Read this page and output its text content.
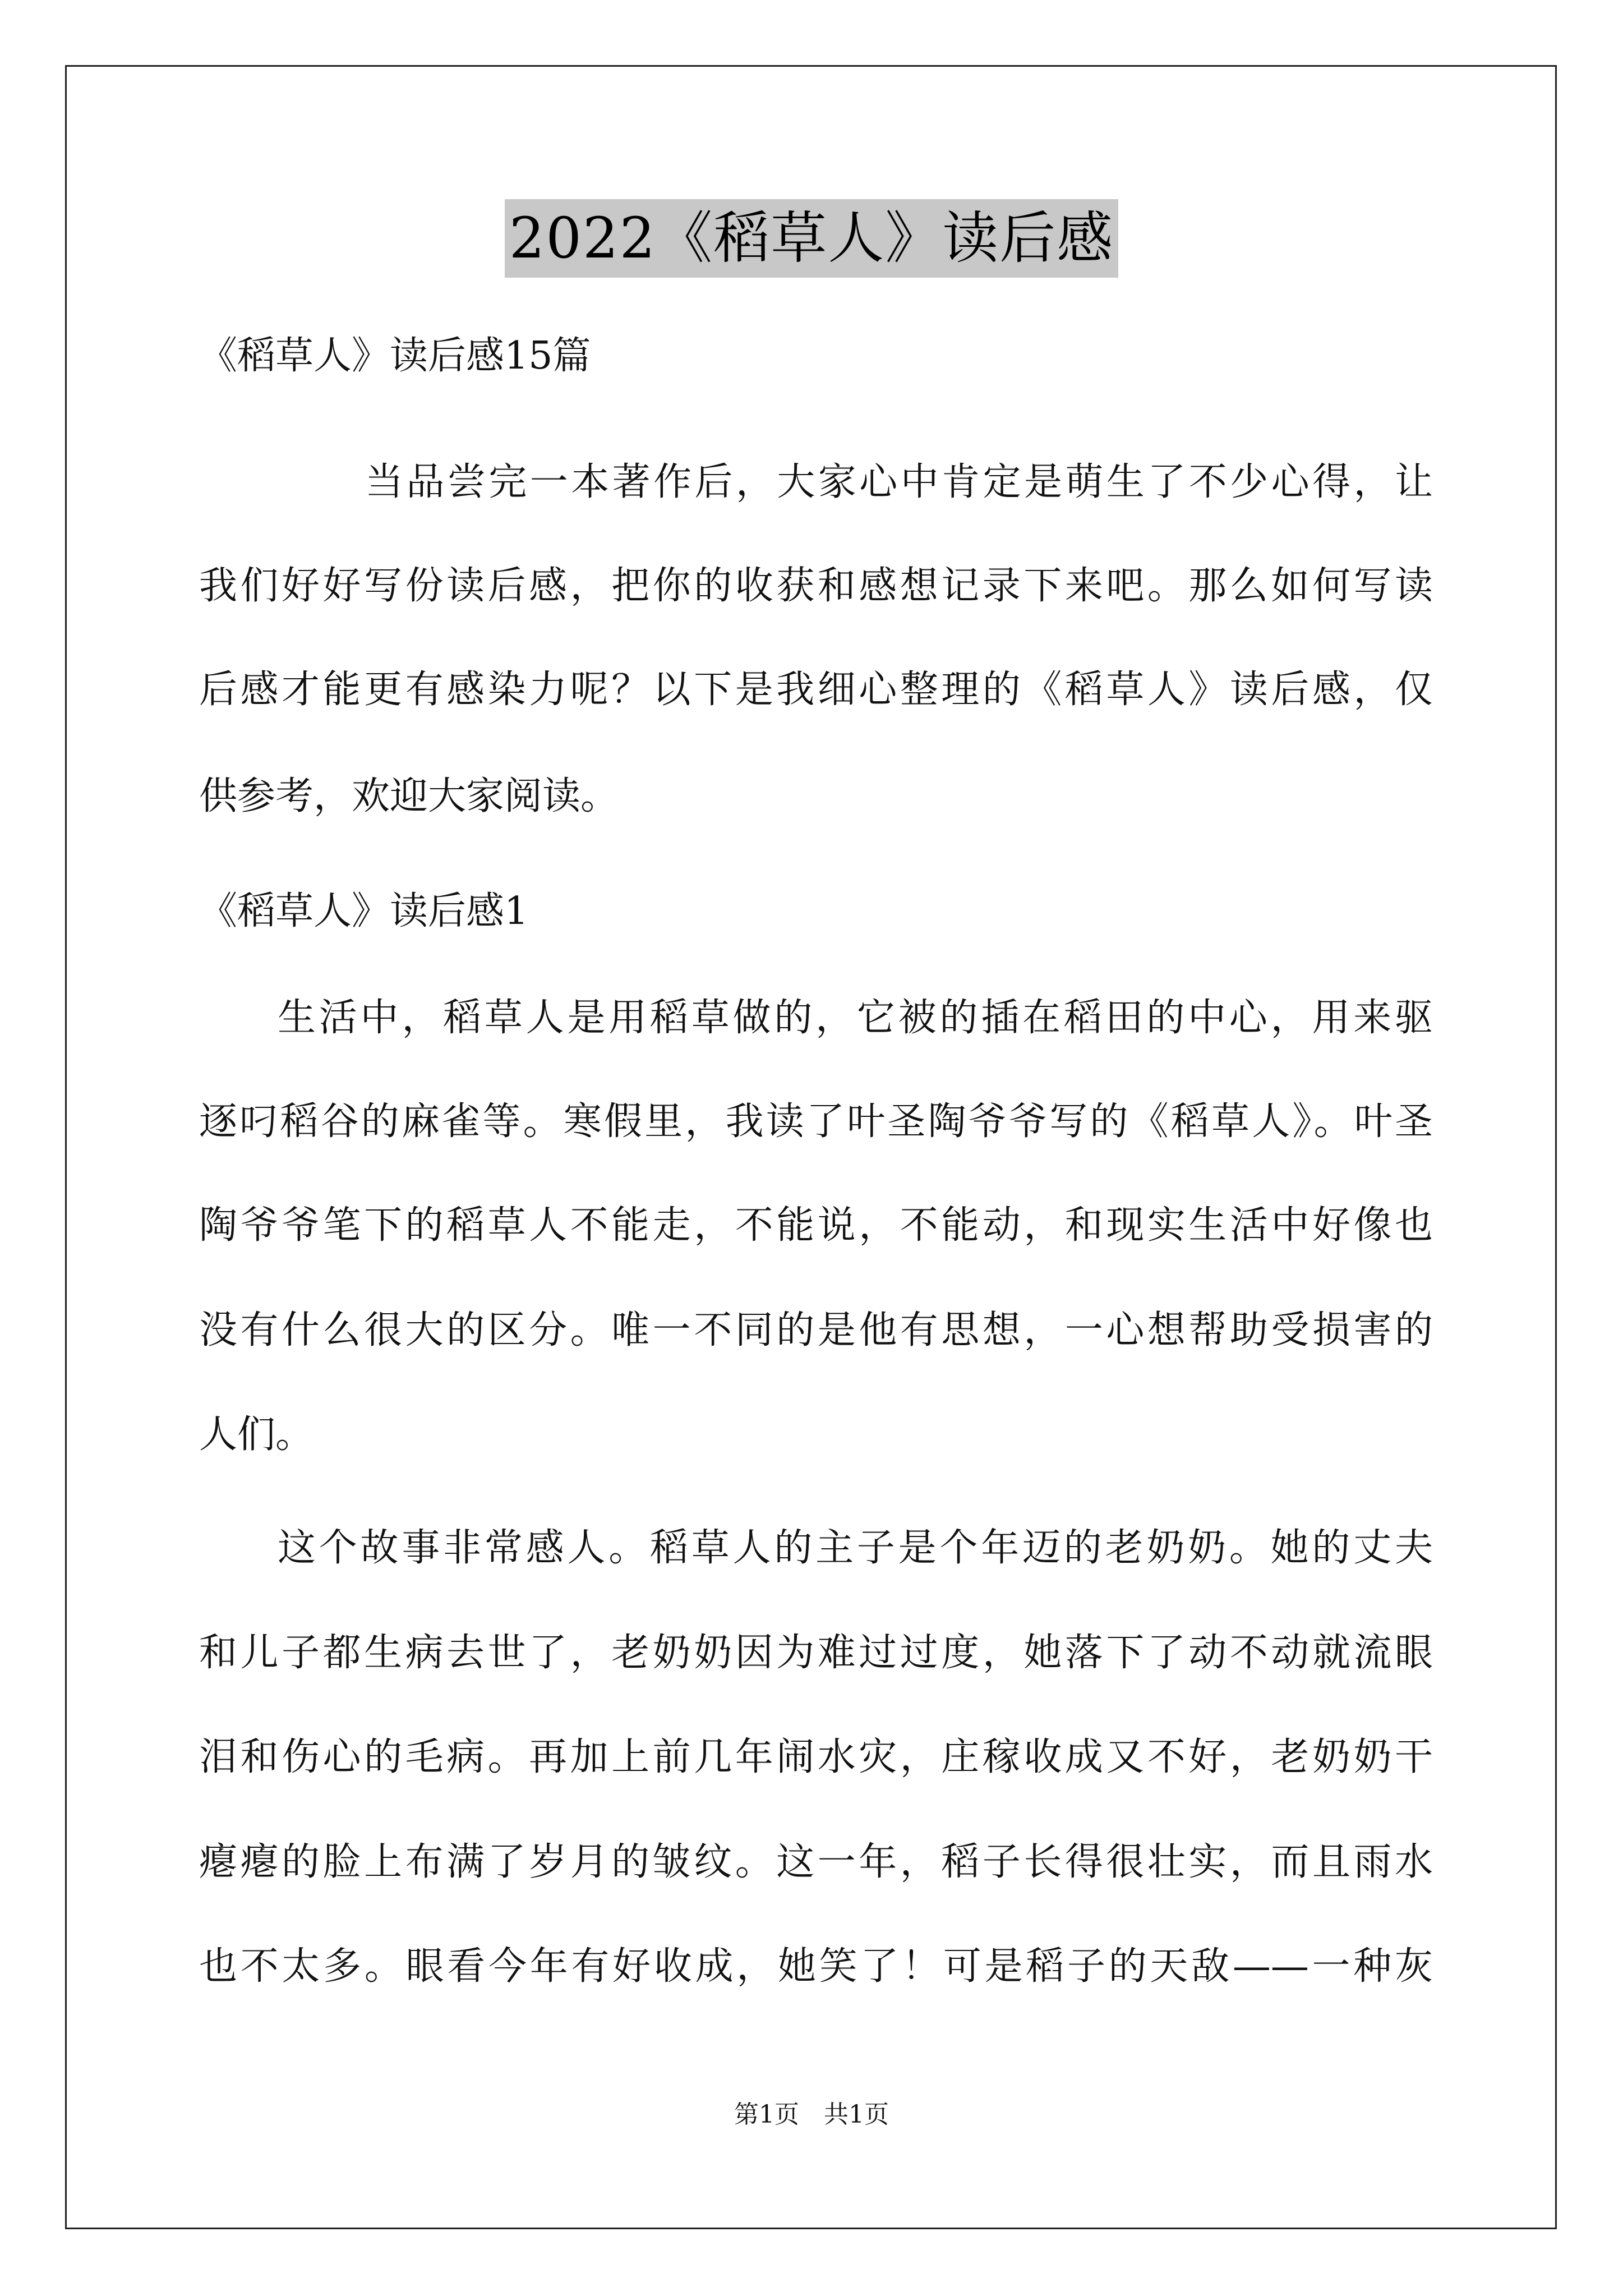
2022《稻草人》读后感
《稻草人》读后感15篇
当品尝完一本著作后，大家心中肯定是萌生了不少心得，让
我们好好写份读后感，把你的收获和感想记录下来吧。那么如何写读
后感才能更有感染力呢？以下是我细心整理的《稻草人》读后感，仅
供参考，欢迎大家阅读。
《稻草人》读后感1
生活中，稻草人是用稻草做的，它被的插在稻田的中心，用来驱
逐叼稻谷的麻雀等。寒假里，我读了叶圣陶爷爷写的《稻草人》。叶圣
陶爷爷笔下的稻草人不能走，不能说，不能动，和现实生活中好像也
没有什么很大的区分。唯一不同的是他有思想，一心想帮助受损害的
人们。
这个故事非常感人。稻草人的主子是个年迈的老奶奶。她的丈夫
和儿子都生病去世了，老奶奶因为难过过度，她落下了动不动就流眼
泪和伤心的毛病。再加上前几年闹水灾，庄稼收成又不好，老奶奶干
瘪瘪的脸上布满了岁月的皱纹。这一年，稻子长得很壮实，而且雨水
也不太多。眼看今年有好收成，她笑了！可是稻子的天敌——一种灰
第1页　共1页
